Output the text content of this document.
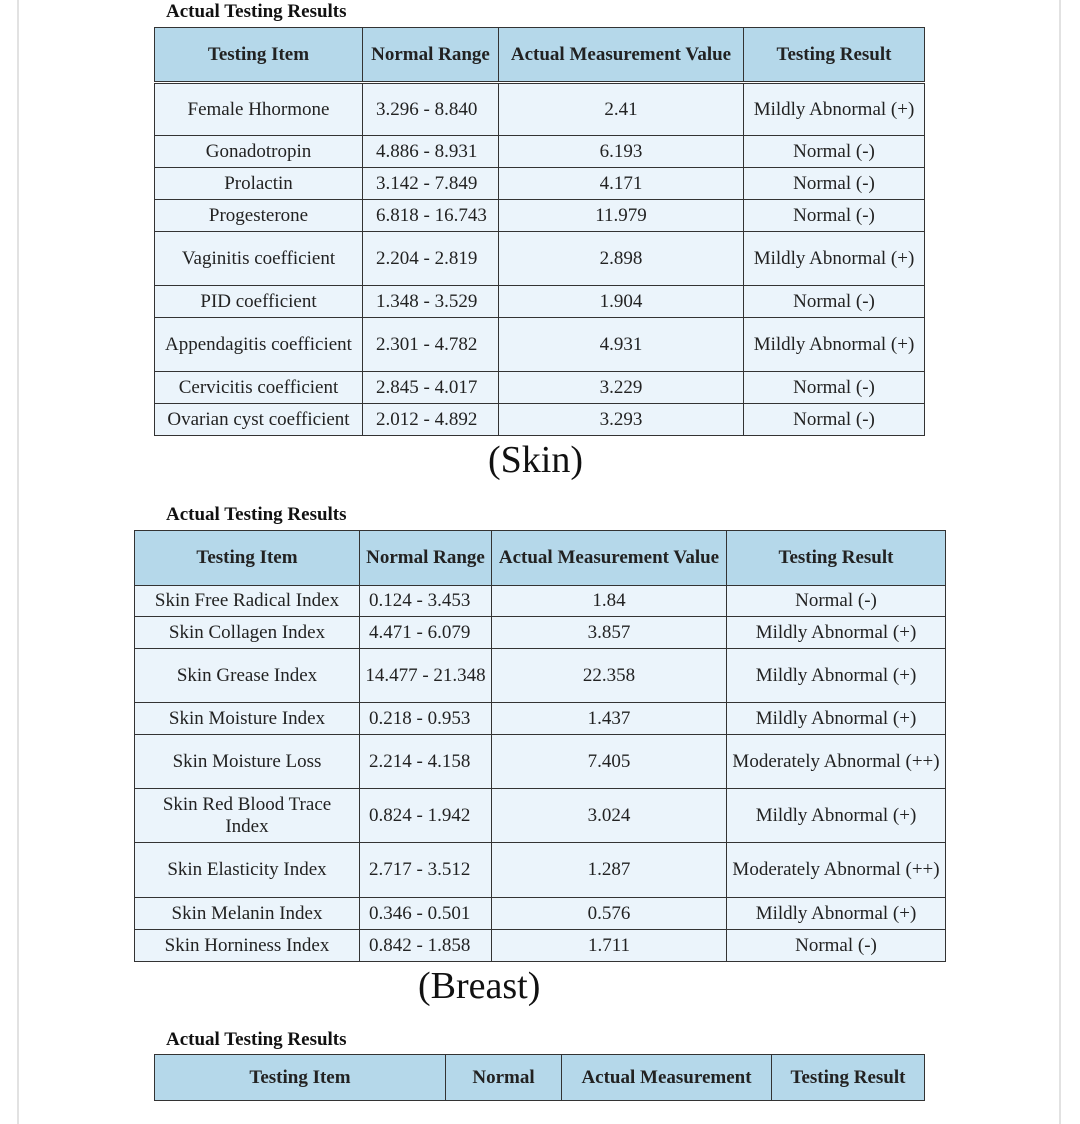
Actual Testing Results
Testing Item	Normal Range	Actual Measurement Value	Testing Result

Female Hhormone	3.296 - 8.840	2.41	Mildly Abnormal (+)
Gonadotropin	4.886 - 8.931	6.193	Normal (-)
Prolactin	3.142 - 7.849	4.171	Normal (-)
Progesterone	6.818 - 16.743	11.979	Normal (-)
Vaginitis coefficient	2.204 - 2.819	2.898	Mildly Abnormal (+)
PID coefficient	1.348 - 3.529	1.904	Normal (-)
Appendagitis coefficient	2.301 - 4.782	4.931	Mildly Abnormal (+)
Cervicitis coefficient	2.845 - 4.017	3.229	Normal (-)
Ovarian cyst coefficient	2.012 - 4.892	3.293	Normal (-)
(Skin)
Actual Testing Results
Testing Item	Normal Range	Actual Measurement Value	Testing Result
Skin Free Radical Index	0.124 - 3.453	1.84	Normal (-)
Skin Collagen Index	4.471 - 6.079	3.857	Mildly Abnormal (+)
Skin Grease Index	14.477 - 21.348	22.358	Mildly Abnormal (+)
Skin Moisture Index	0.218 - 0.953	1.437	Mildly Abnormal (+)
Skin Moisture Loss	2.214 - 4.158	7.405	Moderately Abnormal (++)
Skin Red Blood Trace Index	0.824 - 1.942	3.024	Mildly Abnormal (+)
Skin Elasticity Index	2.717 - 3.512	1.287	Moderately Abnormal (++)
Skin Melanin Index	0.346 - 0.501	0.576	Mildly Abnormal (+)
Skin Horniness Index	0.842 - 1.858	1.711	Normal (-)
(Breast)
Actual Testing Results
Testing Item	Normal	Actual Measurement	Testing Result
